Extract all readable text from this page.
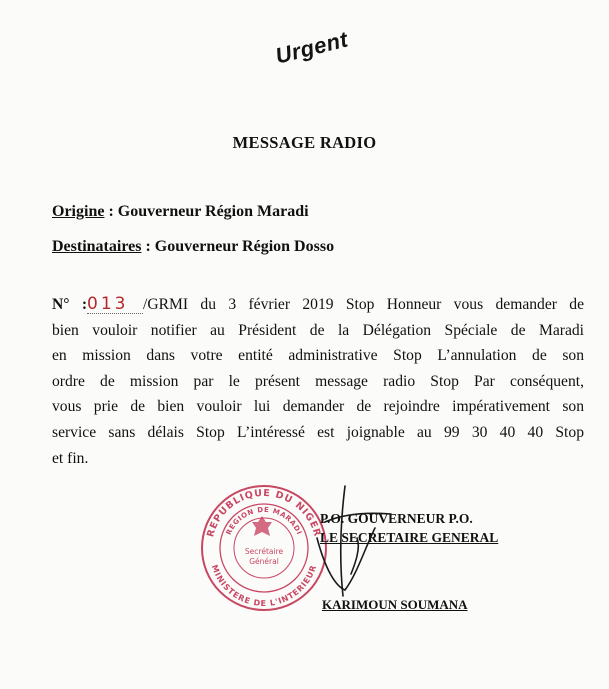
Urgent
MESSAGE RADIO
Origine : Gouverneur Région Maradi
Destinataires : Gouverneur Région Dosso
N° :013 /GRMI du 3 février 2019 Stop Honneur vous demander de
bien vouloir notifier au Président de la Délégation Spéciale de Maradi
en mission dans votre entité administrative Stop L’annulation de son
ordre de mission par le présent message radio Stop Par conséquent,
vous prie de bien vouloir lui demander de rejoindre impérativement son
service sans délais Stop L’intéressé est joignable au 99 30 40 40 Stop
et fin.
REPUBLIQUE DU NIGER
REGION DE MARADI
MINISTERE DE L'INTERIEUR
Secrétaire
Général
P.O. GOUVERNEUR P.O.
LE SECRETAIRE GENERAL
KARIMOUN SOUMANA
